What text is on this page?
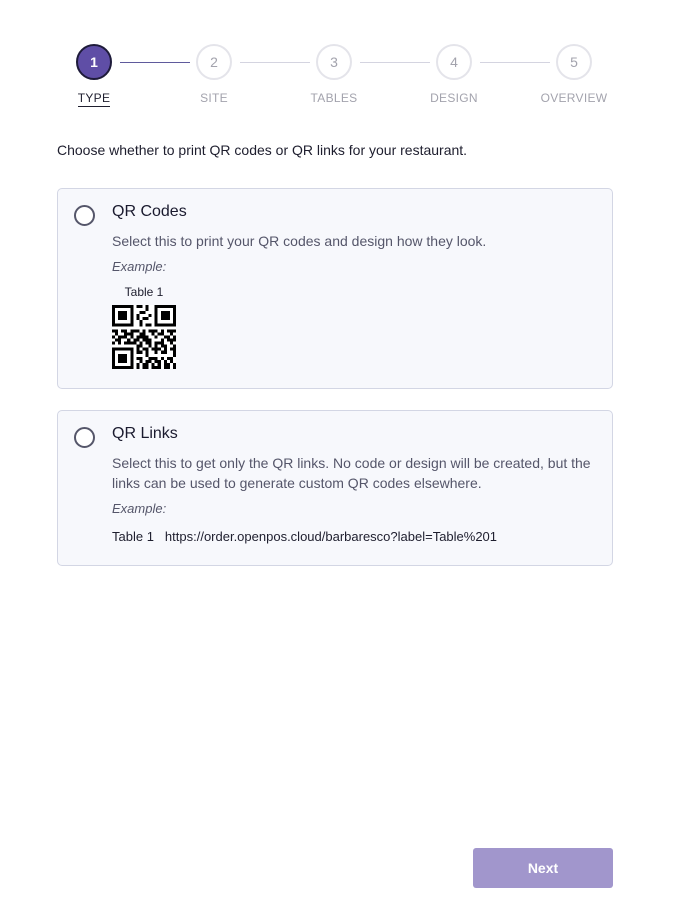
1
TYPE
2
SITE
3
TABLES
4
DESIGN
5
OVERVIEW

Choose whether to print QR codes or QR links for your restaurant.

QR Codes
Select this to print your QR codes and design how they look.
Example:
Table 1
QR Links
Select this to get only the QR links. No code or design will be created, but the links can be used to generate custom QR codes elsewhere.
Example:
Table 1 https://order.openpos.cloud/barbaresco?label=Table%201
Next
